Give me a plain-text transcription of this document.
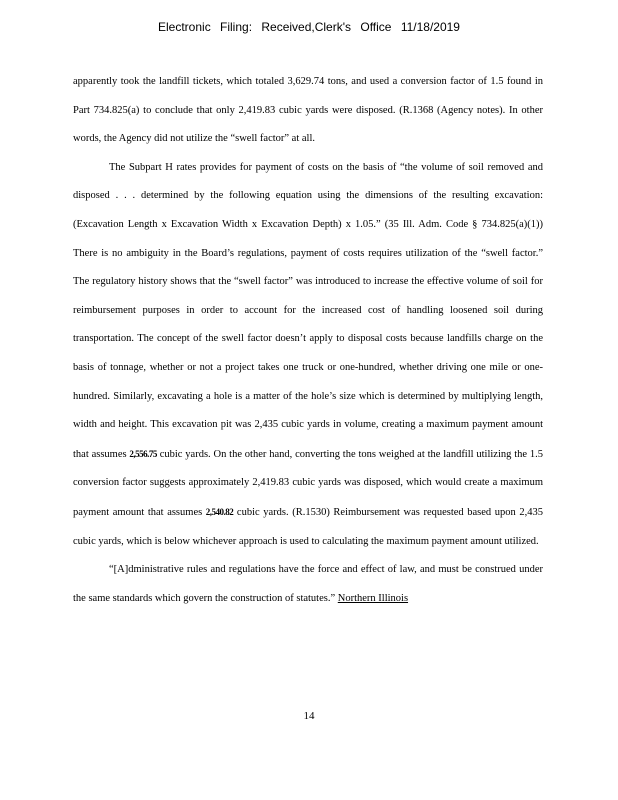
Electronic Filing: Received,Clerk's Office 11/18/2019

apparently took the landfill tickets, which totaled 3,629.74 tons, and used a conversion factor of 1.5 found in Part 734.825(a) to conclude that only 2,419.83 cubic yards were disposed. (R.1368 (Agency notes). In other words, the Agency did not utilize the “swell factor” at all.

The Subpart H rates provides for payment of costs on the basis of “the volume of soil removed and disposed . . . determined by the following equation using the dimensions of the resulting excavation: (Excavation Length x Excavation Width x Excavation Depth) x 1.05.” (35 Ill. Adm. Code § 734.825(a)(1)) There is no ambiguity in the Board’s regulations, payment of costs requires utilization of the “swell factor.” The regulatory history shows that the “swell factor” was introduced to increase the effective volume of soil for reimbursement purposes in order to account for the increased cost of handling loosened soil during transportation. The concept of the swell factor doesn’t apply to disposal costs because landfills charge on the basis of tonnage, whether or not a project takes one truck or one-hundred, whether driving one mile or one-hundred. Similarly, excavating a hole is a matter of the hole’s size which is determined by multiplying length, width and height. This excavation pit was 2,435 cubic yards in volume, creating a maximum payment amount that assumes 2,556.75 cubic yards. On the other hand, converting the tons weighed at the landfill utilizing the 1.5 conversion factor suggests approximately 2,419.83 cubic yards was disposed, which would create a maximum payment amount that assumes 2,540.82 cubic yards. (R.1530) Reimbursement was requested based upon 2,435 cubic yards, which is below whichever approach is used to calculating the maximum payment amount utilized.

“[A]dministrative rules and regulations have the force and effect of law, and must be construed under the same standards which govern the construction of statutes.” Northern Illinois

14
